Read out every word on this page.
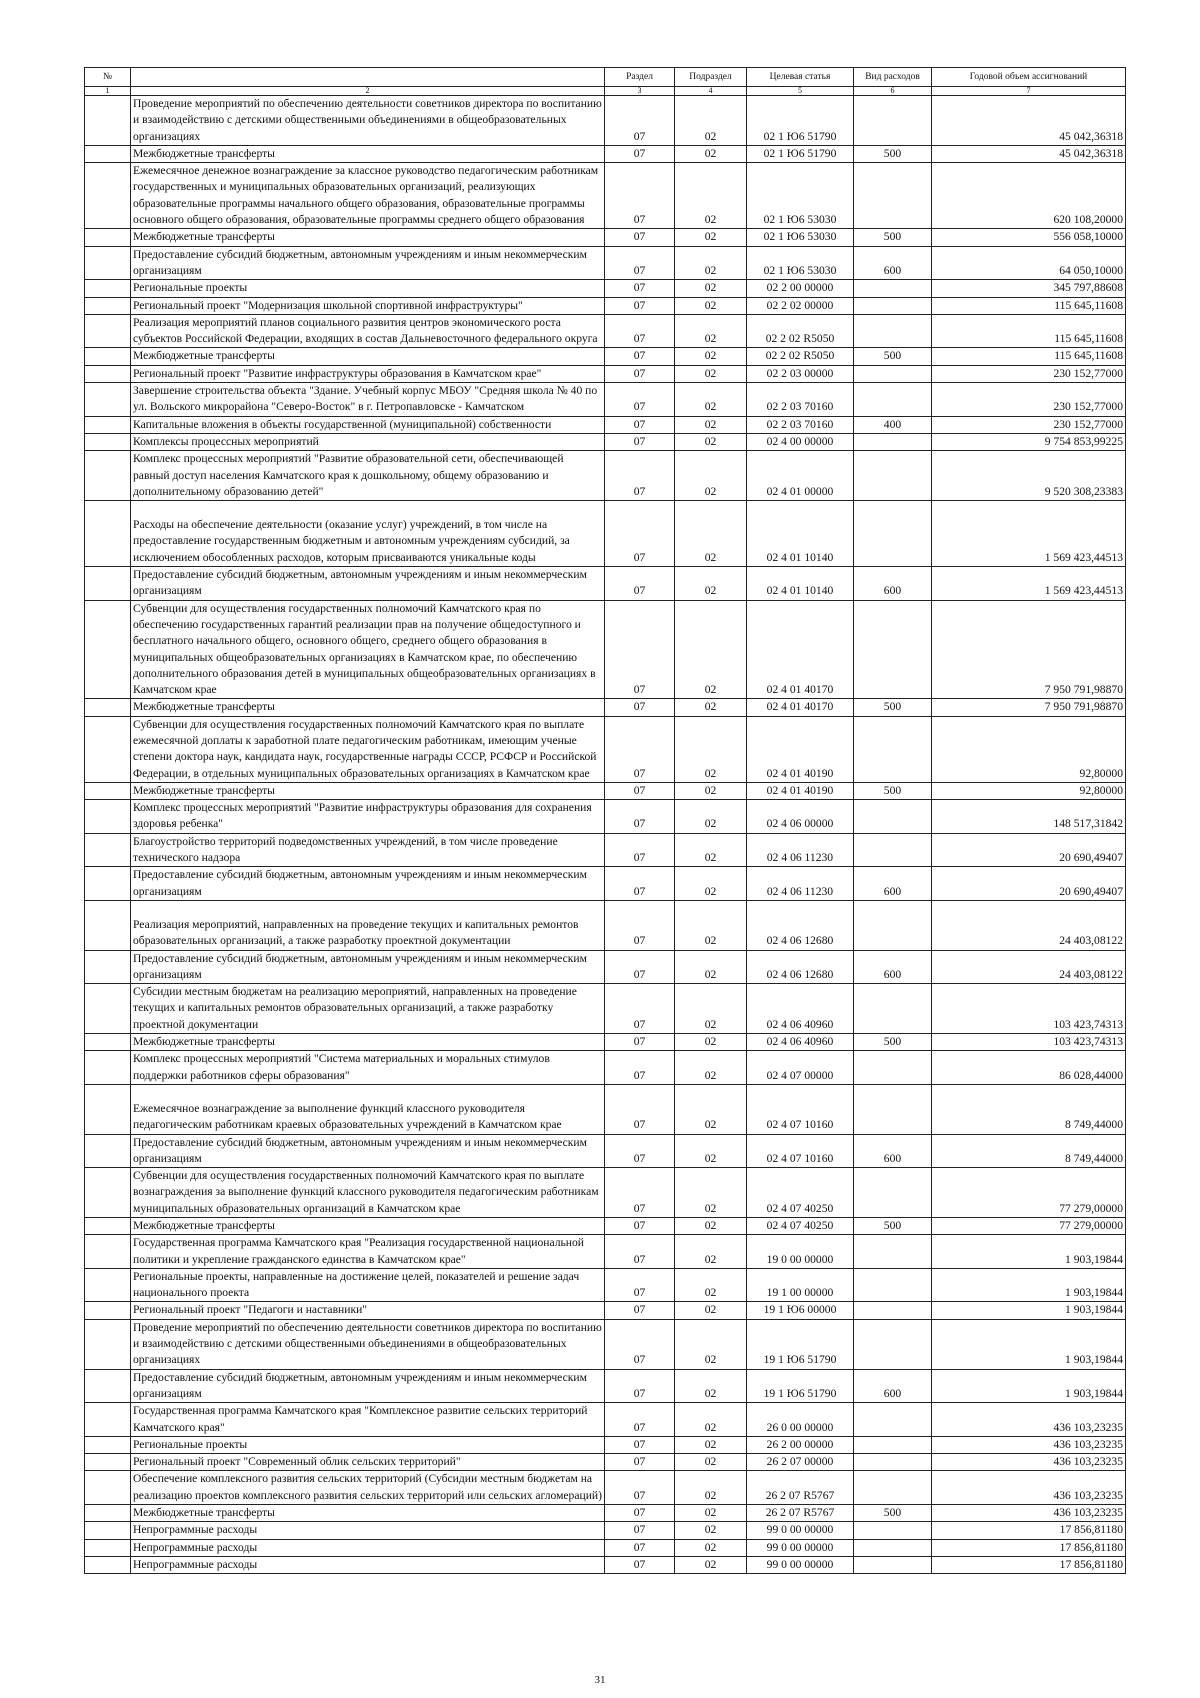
№		Раздел	Подраздел	Целевая статья	Вид расходов	Годовой объем ассигнований
1	2	3	4	5	6	7
	Проведение мероприятий по обеспечению деятельности советников директора по воспитанию и взаимодействию с детскими общественными объединениями в общеобразовательных организациях	07	02	02 1 Ю6 51790		45 042,36318
	Межбюджетные трансферты	07	02	02 1 Ю6 51790	500	45 042,36318
	Ежемесячное денежное вознаграждение за классное руководство педагогическим работникам государственных и муниципальных образовательных организаций, реализующих образовательные программы начального общего образования, образовательные программы основного общего образования, образовательные программы среднего общего образования	07	02	02 1 Ю6 53030		620 108,20000
	Межбюджетные трансферты	07	02	02 1 Ю6 53030	500	556 058,10000
	Предоставление субсидий бюджетным, автономным учреждениям и иным некоммерческим организациям	07	02	02 1 Ю6 53030	600	64 050,10000
	Региональные проекты	07	02	02 2 00 00000		345 797,88608
	Региональный проект "Модернизация школьной спортивной инфраструктуры"	07	02	02 2 02 00000		115 645,11608
	Реализация мероприятий планов социального развития центров экономического роста субъектов Российской Федерации, входящих в состав Дальневосточного федерального округа	07	02	02 2 02 R5050		115 645,11608
	Межбюджетные трансферты	07	02	02 2 02 R5050	500	115 645,11608
	Региональный проект "Развитие инфраструктуры образования в Камчатском крае"	07	02	02 2 03 00000		230 152,77000
	Завершение строительства объекта "Здание. Учебный корпус МБОУ "Средняя школа № 40 по ул. Вольского микрорайона "Северо-Восток" в г. Петропавловске - Камчатском	07	02	02 2 03 70160		230 152,77000
	Капитальные вложения в объекты государственной (муниципальной) собственности	07	02	02 2 03 70160	400	230 152,77000
	Комплексы процессных мероприятий	07	02	02 4 00 00000		9 754 853,99225
	Комплекс процессных мероприятий "Развитие образовательной сети, обеспечивающей равный доступ населения Камчатского края к дошкольному, общему образованию и дополнительному образованию детей"	07	02	02 4 01 00000		9 520 308,23383
	Расходы на обеспечение деятельности (оказание услуг) учреждений, в том числе на предоставление государственным бюджетным и автономным учреждениям субсидий, за исключением обособленных расходов, которым присваиваются уникальные коды	07	02	02 4 01 10140		1 569 423,44513
	Предоставление субсидий бюджетным, автономным учреждениям и иным некоммерческим организациям	07	02	02 4 01 10140	600	1 569 423,44513
	Субвенции для осуществления государственных полномочий Камчатского края по обеспечению государственных гарантий реализации прав на получение общедоступного и бесплатного начального общего, основного общего, среднего общего образования в муниципальных общеобразовательных организациях в Камчатском крае, по обеспечению дополнительного образования детей в муниципальных общеобразовательных организациях в Камчатском крае	07	02	02 4 01 40170		7 950 791,98870
	Межбюджетные трансферты	07	02	02 4 01 40170	500	7 950 791,98870
	Субвенции для осуществления государственных полномочий Камчатского края по выплате ежемесячной доплаты к заработной плате педагогическим работникам, имеющим ученые степени доктора наук, кандидата наук, государственные награды СССР, РСФСР и Российской Федерации, в отдельных муниципальных образовательных организациях в Камчатском крае	07	02	02 4 01 40190		92,80000
	Межбюджетные трансферты	07	02	02 4 01 40190	500	92,80000
	Комплекс процессных мероприятий "Развитие инфраструктуры образования для сохранения здоровья ребенка"	07	02	02 4 06 00000		148 517,31842
	Благоустройство территорий подведомственных учреждений, в том числе проведение технического надзора	07	02	02 4 06 11230		20 690,49407
	Предоставление субсидий бюджетным, автономным учреждениям и иным некоммерческим организациям	07	02	02 4 06 11230	600	20 690,49407
	Реализация мероприятий, направленных на проведение текущих и капитальных ремонтов образовательных организаций, а также разработку проектной документации	07	02	02 4 06 12680		24 403,08122
	Предоставление субсидий бюджетным, автономным учреждениям и иным некоммерческим организациям	07	02	02 4 06 12680	600	24 403,08122
	Субсидии местным бюджетам на реализацию мероприятий, направленных на проведение текущих и капитальных ремонтов образовательных организаций, а также разработку проектной документации	07	02	02 4 06 40960		103 423,74313
	Межбюджетные трансферты	07	02	02 4 06 40960	500	103 423,74313
	Комплекс процессных мероприятий "Система материальных и моральных стимулов поддержки работников сферы образования"	07	02	02 4 07 00000		86 028,44000
	Ежемесячное вознаграждение за выполнение функций классного руководителя педагогическим работникам краевых образовательных учреждений в Камчатском крае	07	02	02 4 07 10160		8 749,44000
	Предоставление субсидий бюджетным, автономным учреждениям и иным некоммерческим организациям	07	02	02 4 07 10160	600	8 749,44000
	Субвенции для осуществления государственных полномочий Камчатского края по выплате вознаграждения за выполнение функций классного руководителя педагогическим работникам муниципальных образовательных организаций в Камчатском крае	07	02	02 4 07 40250		77 279,00000
	Межбюджетные трансферты	07	02	02 4 07 40250	500	77 279,00000
	Государственная программа Камчатского края "Реализация государственной национальной политики и укрепление гражданского единства в Камчатском крае"	07	02	19 0 00 00000		1 903,19844
	Региональные проекты, направленные на достижение целей, показателей и решение задач национального проекта	07	02	19 1 00 00000		1 903,19844
	Региональный проект "Педагоги и наставники"	07	02	19 1 Ю6 00000		1 903,19844
	Проведение мероприятий по обеспечению деятельности советников директора по воспитанию и взаимодействию с детскими общественными объединениями в общеобразовательных организациях	07	02	19 1 Ю6 51790		1 903,19844
	Предоставление субсидий бюджетным, автономным учреждениям и иным некоммерческим организациям	07	02	19 1 Ю6 51790	600	1 903,19844
	Государственная программа Камчатского края "Комплексное развитие сельских территорий Камчатского края"	07	02	26 0 00 00000		436 103,23235
	Региональные проекты	07	02	26 2 00 00000		436 103,23235
	Региональный проект "Современный облик сельских территорий"	07	02	26 2 07 00000		436 103,23235
	Обеспечение комплексного развития сельских территорий (Субсидии местным бюджетам на реализацию проектов комплексного развития сельских территорий или сельских агломераций)	07	02	26 2 07 R5767		436 103,23235
	Межбюджетные трансферты	07	02	26 2 07 R5767	500	436 103,23235
	Непрограммные расходы	07	02	99 0 00 00000		17 856,81180
	Непрограммные расходы	07	02	99 0 00 00000		17 856,81180
	Непрограммные расходы	07	02	99 0 00 00000		17 856,81180
31
